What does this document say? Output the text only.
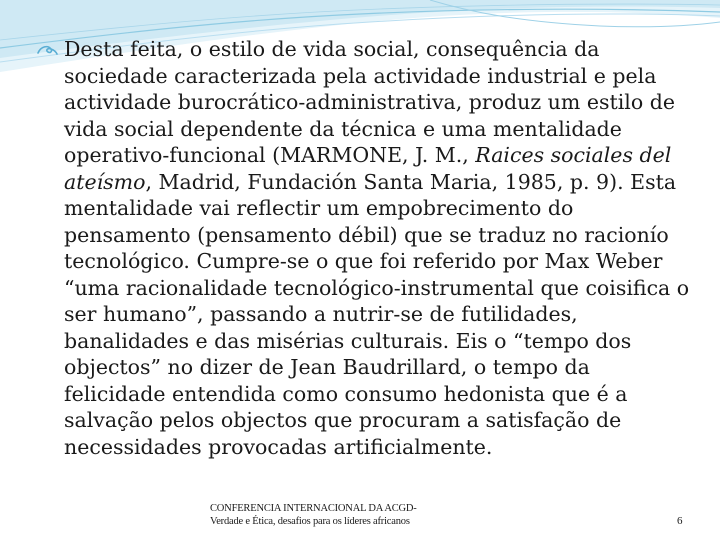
Desta feita, o estilo de vida social, consequência da sociedade caracterizada pela actividade industrial e pela actividade burocrático-administrativa, produz um estilo de vida social dependente da técnica e uma mentalidade operativo-funcional (MARMONE, J. M., Raices sociales del ateísmo, Madrid, Fundación Santa Maria, 1985, p. 9). Esta mentalidade vai reflectir um empobrecimento do pensamento (pensamento débil) que se traduz no racionío tecnológico. Cumpre-se o que foi referido por Max Weber “uma racionalidade tecnológico-instrumental que coisifica o ser humano”, passando a nutrir-se de futilidades, banalidades e das misérias culturais. Eis o “tempo dos objectos” no dizer de Jean Baudrillard, o tempo da felicidade entendida como consumo hedonista que é a salvação pelos objectos que procuram a satisfação de necessidades provocadas artificialmente.

CONFERENCIA INTERNACIONAL DA ACGD-
Verdade e Ética, desafios para os líderes africanos	6
